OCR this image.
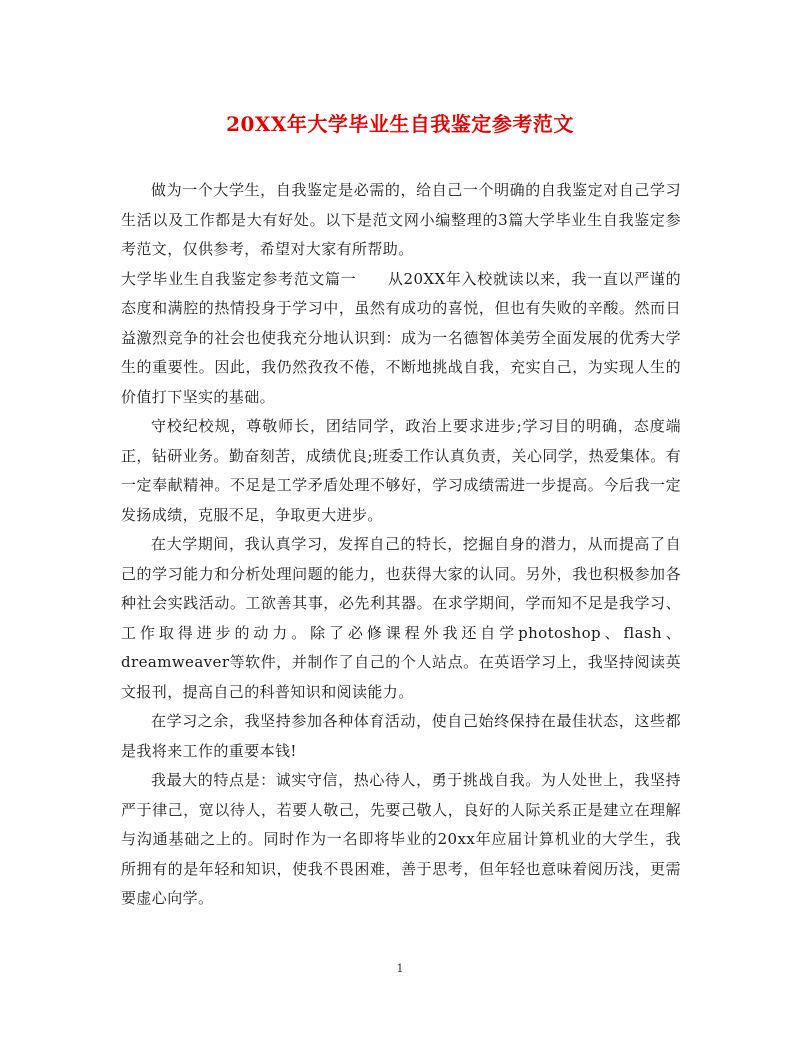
20XX年大学毕业生自我鉴定参考范文

做为一个大学生，自我鉴定是必需的，给自己一个明确的自我鉴定对自己学习生活以及工作都是大有好处。以下是范文网小编整理的3篇大学毕业生自我鉴定参考范文，仅供参考，希望对大家有所帮助。

大学毕业生自我鉴定参考范文篇一　　从20XX年入校就读以来，我一直以严谨的态度和满腔的热情投身于学习中，虽然有成功的喜悦，但也有失败的辛酸。然而日益激烈竞争的社会也使我充分地认识到：成为一名德智体美劳全面发展的优秀大学生的重要性。因此，我仍然孜孜不倦，不断地挑战自我，充实自己，为实现人生的价值打下坚实的基础。

守校纪校规，尊敬师长，团结同学，政治上要求进步;学习目的明确，态度端正，钻研业务。勤奋刻苦，成绩优良;班委工作认真负责，关心同学，热爱集体。有一定奉献精神。不足是工学矛盾处理不够好，学习成绩需进一步提高。今后我一定发扬成绩，克服不足，争取更大进步。

在大学期间，我认真学习，发挥自己的特长，挖掘自身的潜力，从而提高了自己的学习能力和分析处理问题的能力，也获得大家的认同。另外，我也积极参加各种社会实践活动。工欲善其事，必先利其器。在求学期间，学而知不足是我学习、工作取得进步的动力。除了必修课程外我还自学photoshop、flash、dreamweaver等软件，并制作了自己的个人站点。在英语学习上，我坚持阅读英文报刊，提高自己的科普知识和阅读能力。

在学习之余，我坚持参加各种体育活动，使自己始终保持在最佳状态，这些都是我将来工作的重要本钱!

我最大的特点是：诚实守信，热心待人，勇于挑战自我。为人处世上，我坚持严于律己，宽以待人，若要人敬己，先要己敬人，良好的人际关系正是建立在理解与沟通基础之上的。同时作为一名即将毕业的20xx年应届计算机业的大学生，我所拥有的是年轻和知识，使我不畏困难，善于思考，但年轻也意味着阅历浅，更需要虚心向学。

1
